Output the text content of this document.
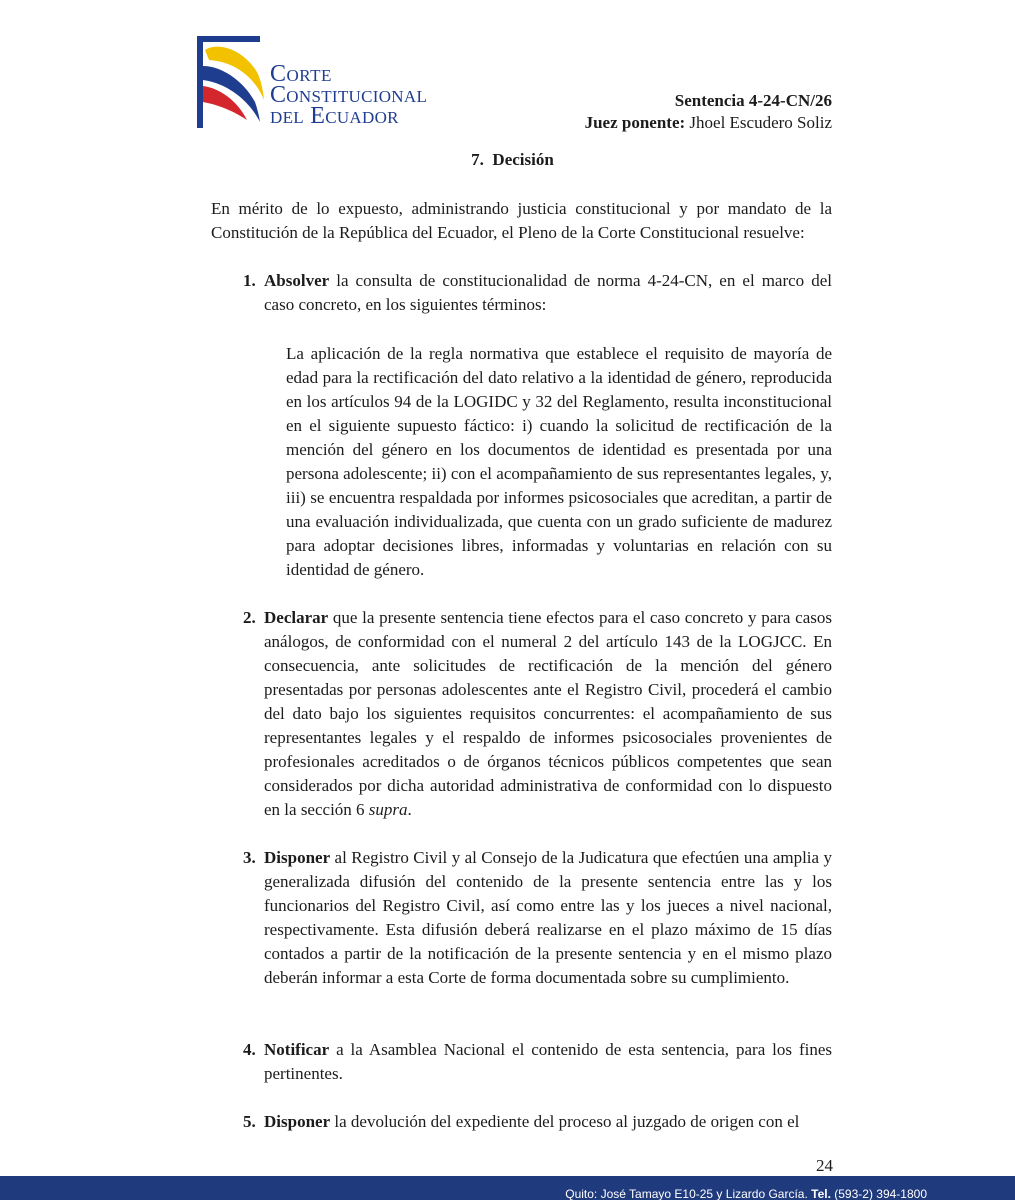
Corte
Constitucional
del Ecuador
Sentencia 4-24-CN/26
Juez ponente: Jhoel Escudero Soliz
7.  Decisión
En mérito de lo expuesto, administrando justicia constitucional y por mandato de la Constitución de la República del Ecuador, el Pleno de la Corte Constitucional resuelve:
1. Absolver la consulta de constitucionalidad de norma 4-24-CN, en el marco del caso concreto, en los siguientes términos:
La aplicación de la regla normativa que establece el requisito de mayoría de edad para la rectificación del dato relativo a la identidad de género, reproducida en los artículos 94 de la LOGIDC y 32 del Reglamento, resulta inconstitucional en el siguiente supuesto fáctico: i) cuando la solicitud de rectificación de la mención del género en los documentos de identidad es presentada por una persona adolescente; ii) con el acompañamiento de sus representantes legales, y, iii) se encuentra respaldada por informes psicosociales que acreditan, a partir de una evaluación individualizada, que cuenta con un grado suficiente de madurez para adoptar decisiones libres, informadas y voluntarias en relación con su identidad de género.
2. Declarar que la presente sentencia tiene efectos para el caso concreto y para casos análogos, de conformidad con el numeral 2 del artículo 143 de la LOGJCC. En consecuencia, ante solicitudes de rectificación de la mención del género presentadas por personas adolescentes ante el Registro Civil, procederá el cambio del dato bajo los siguientes requisitos concurrentes: el acompañamiento de sus representantes legales y el respaldo de informes psicosociales provenientes de profesionales acreditados o de órganos técnicos públicos competentes que sean considerados por dicha autoridad administrativa de conformidad con lo dispuesto en la sección 6 supra.
3. Disponer al Registro Civil y al Consejo de la Judicatura que efectúen una amplia y generalizada difusión del contenido de la presente sentencia entre las y los funcionarios del Registro Civil, así como entre las y los jueces a nivel nacional, respectivamente. Esta difusión deberá realizarse en el plazo máximo de 15 días contados a partir de la notificación de la presente sentencia y en el mismo plazo deberán informar a esta Corte de forma documentada sobre su cumplimiento.
4. Notificar a la Asamblea Nacional el contenido de esta sentencia, para los fines pertinentes.
5. Disponer la devolución del expediente del proceso al juzgado de origen con el
24
Quito: José Tamayo E10-25 y Lizardo García. Tel. (593-2) 394-1800
